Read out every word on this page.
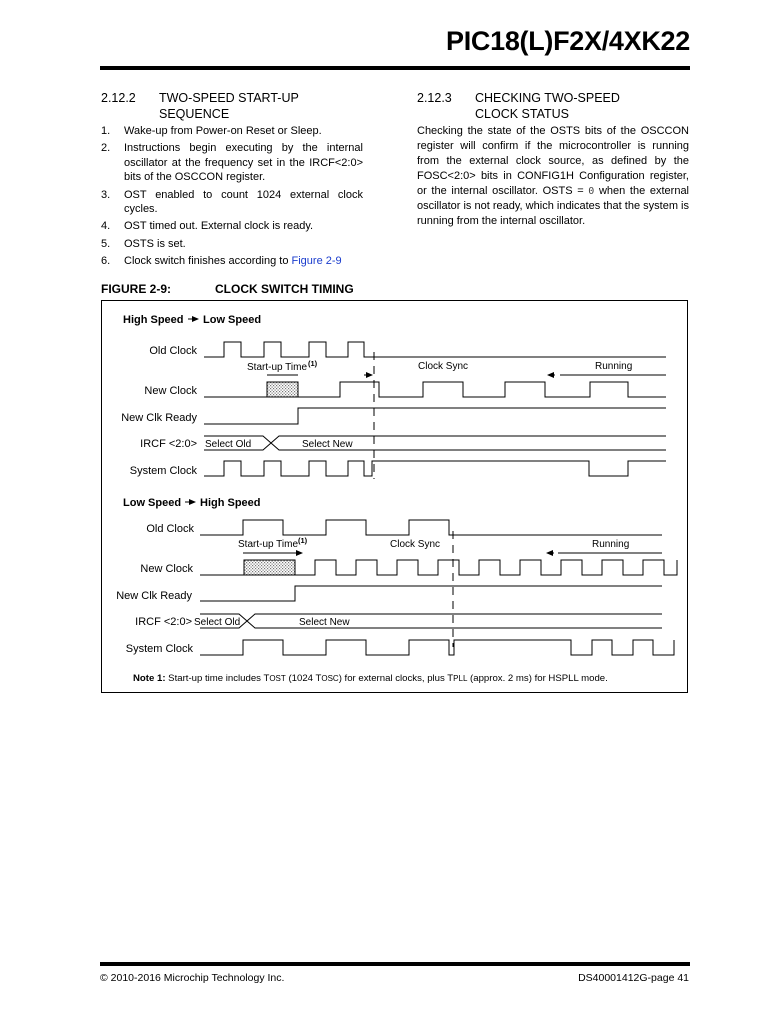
PIC18(L)F2X/4XK22
2.12.2 TWO-SPEED START-UP SEQUENCE
1. Wake-up from Power-on Reset or Sleep.
2. Instructions begin executing by the internal oscillator at the frequency set in the IRCF<2:0> bits of the OSCCON register.
3. OST enabled to count 1024 external clock cycles.
4. OST timed out. External clock is ready.
5. OSTS is set.
6. Clock switch finishes according to Figure 2-9
2.12.3 CHECKING TWO-SPEED CLOCK STATUS

Checking the state of the OSTS bits of the OSCCON register will confirm if the microcontroller is running from the external clock source, as defined by the FOSC<2:0> bits in CONFIG1H Configuration register, or the internal oscillator. OSTS = 0 when the external oscillator is not ready, which indicates that the system is running from the internal oscillator.

FIGURE 2-9:	CLOCK SWITCH TIMING
High Speed Low Speed
Old Clock
New Clock
New Clk Ready
IRCF <2:0>
System Clock
Start-up Time (1)	Clock Sync	Running
Select Old	Select New
Low Speed High Speed
Old Clock
New Clock
New Clk Ready
IRCF <2:0>
System Clock
Start-up Time (1)	Clock Sync	Running
Select Old	Select New
Note 1: Start-up time includes TOST (1024 TOSC) for external clocks, plus TPLL (approx. 2 ms) for HSPLL mode.
© 2010-2016 Microchip Technology Inc.	DS40001412G-page 41
